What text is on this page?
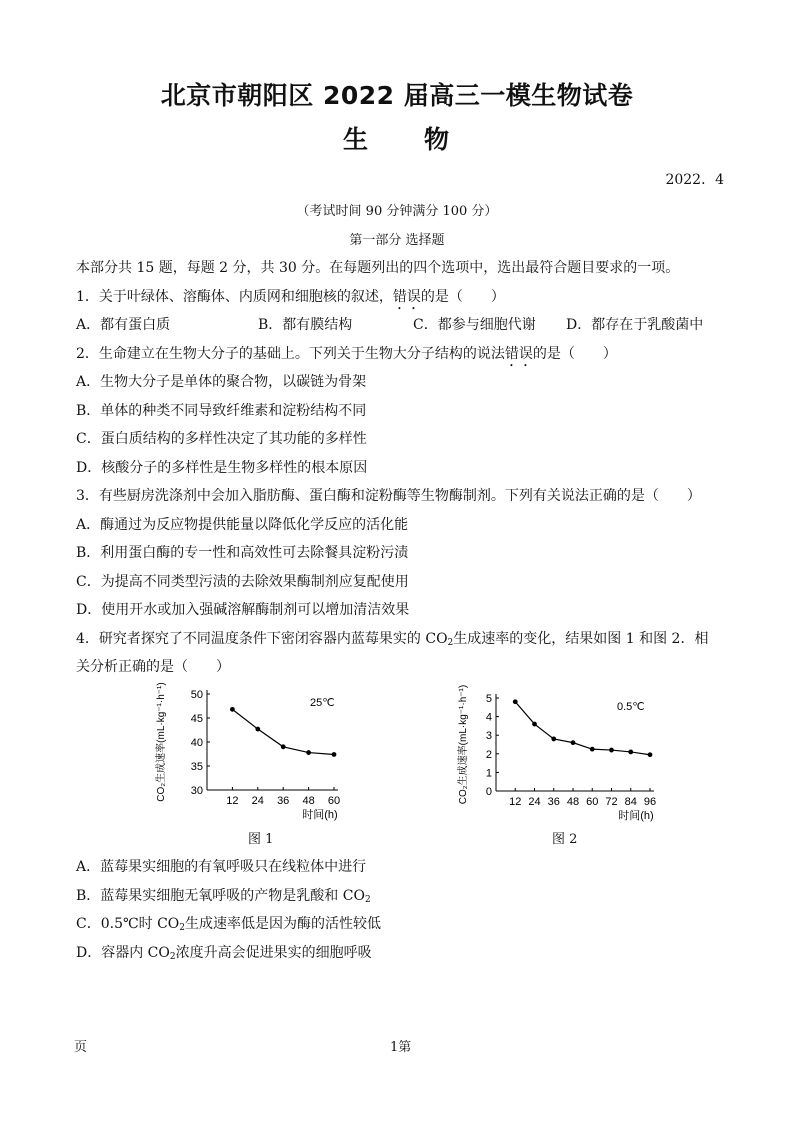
北京市朝阳区 2022 届高三一模生物试卷
生　　物
2022．4
（考试时间 90 分钟满分 100 分）
第一部分 选择题
本部分共 15 题，每题 2 分，共 30 分。在每题列出的四个选项中，选出最符合题目要求的一项。
1．关于叶绿体、溶酶体、内质网和细胞核的叙述，错误的是（　　）
A．都有蛋白质	B．都有膜结构	C．都参与细胞代谢 D．都存在于乳酸菌中
2．生命建立在生物大分子的基础上。下列关于生物大分子结构的说法错误的是（　　）
A．生物大分子是单体的聚合物，以碳链为骨架
B．单体的种类不同导致纤维素和淀粉结构不同
C．蛋白质结构的多样性决定了其功能的多样性
D．核酸分子的多样性是生物多样性的根本原因
3．有些厨房洗涤剂中会加入脂肪酶、蛋白酶和淀粉酶等生物酶制剂。下列有关说法正确的是（　　）
A．酶通过为反应物提供能量以降低化学反应的活化能
B．利用蛋白酶的专一性和高效性可去除餐具淀粉污渍
C．为提高不同类型污渍的去除效果酶制剂应复配使用
D．使用开水或加入强碱溶解酶制剂可以增加清洁效果
4．研究者探究了不同温度条件下密闭容器内蓝莓果实的 $CO_2$生成速率的变化，结果如图 1 和图 2．相
关分析正确的是（　　）
30
35
40
45
50
12 24 36 48 60
25℃
时间(h)
CO₂生成速率(mL·kg⁻¹·h⁻¹)	0
1
2
3
4
5
12 24 36 48 60 72 84 96
0.5℃
时间(h)
CO₂生成速率(mL·kg⁻¹·h⁻¹)
图 1	图 2
A．蓝莓果实细胞的有氧呼吸只在线粒体中进行
B．蓝莓果实细胞无氧呼吸的产物是乳酸和 $CO_2$
C．0.5℃时 $CO_2$生成速率低是因为酶的活性较低
D．容器内 $CO_2$浓度升高会促进果实的细胞呼吸
页	1第
